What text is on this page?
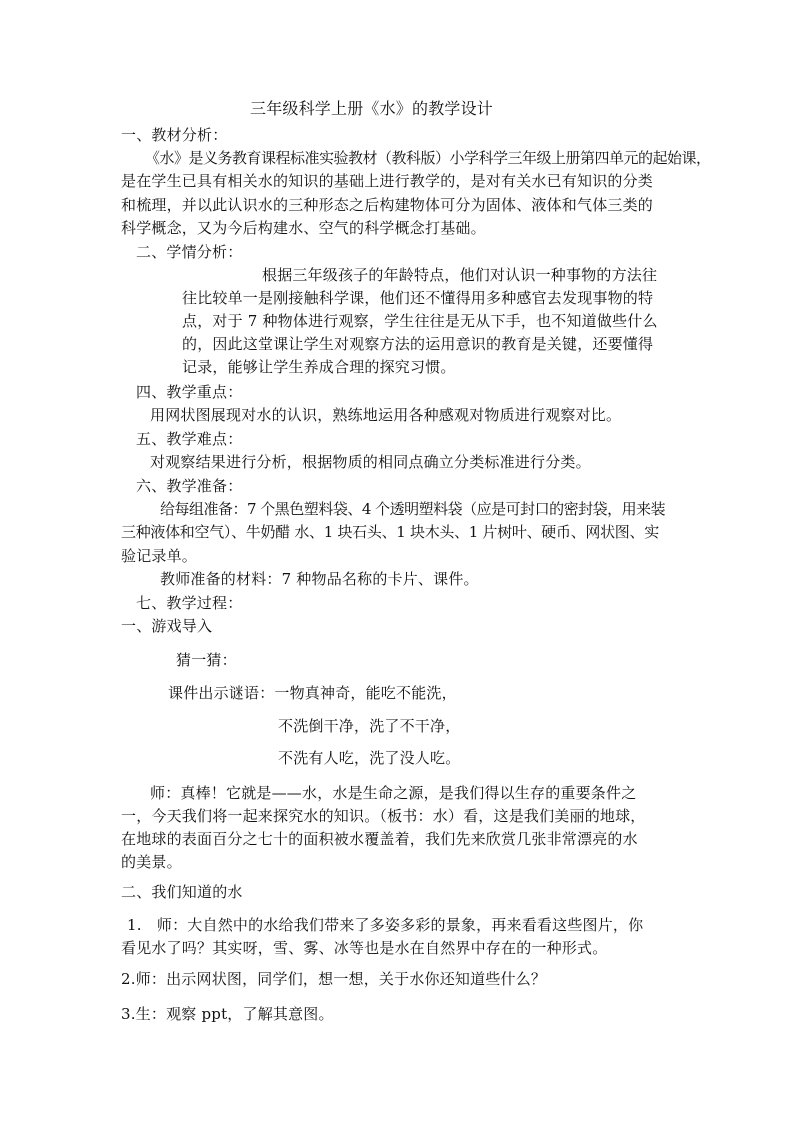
三年级科学上册《水》的教学设计
一、教材分析：
《水》是义务教育课程标准实验教材（教科版）小学科学三年级上册第四单元的起始课，
是在学生已具有相关水的知识的基础上进行教学的，是对有关水已有知识的分类
和梳理，并以此认识水的三种形态之后构建物体可分为固体、液体和气体三类的
科学概念，又为今后构建水、空气的科学概念打基础。
二、学情分析：
根据三年级孩子的年龄特点，他们对认识一种事物的方法往
往比较单一是刚接触科学课，他们还不懂得用多种感官去发现事物的特
点，对于 7 种物体进行观察，学生往往是无从下手，也不知道做些什么
的，因此这堂课让学生对观察方法的运用意识的教育是关键，还要懂得
记录，能够让学生养成合理的探究习惯。
四、教学重点：
用网状图展现对水的认识，熟练地运用各种感观对物质进行观察对比。
五、教学难点：
对观察结果进行分析，根据物质的相同点确立分类标准进行分类。
六、教学准备：
给每组准备：7 个黑色塑料袋、4 个透明塑料袋（应是可封口的密封袋，用来装
三种液体和空气）、牛奶醋 水、1 块石头、1 块木头、1 片树叶、硬币、网状图、实
验记录单。
教师准备的材料：7 种物品名称的卡片、课件。
七、教学过程：
一、游戏导入
猜一猜：
课件出示谜语：一物真神奇，能吃不能洗，
不洗倒干净，洗了不干净，
不洗有人吃，洗了没人吃。
师：真棒！它就是——水，水是生命之源，是我们得以生存的重要条件之
一，今天我们将一起来探究水的知识。（板书：水）看，这是我们美丽的地球，
在地球的表面百分之七十的面积被水覆盖着，我们先来欣赏几张非常漂亮的水
的美景。
二、我们知道的水
1.　师：大自然中的水给我们带来了多姿多彩的景象，再来看看这些图片，你
看见水了吗？其实呀，雪、雾、冰等也是水在自然界中存在的一种形式。
2.师：出示网状图，同学们，想一想，关于水你还知道些什么？
3.生：观察 ppt，了解其意图。
